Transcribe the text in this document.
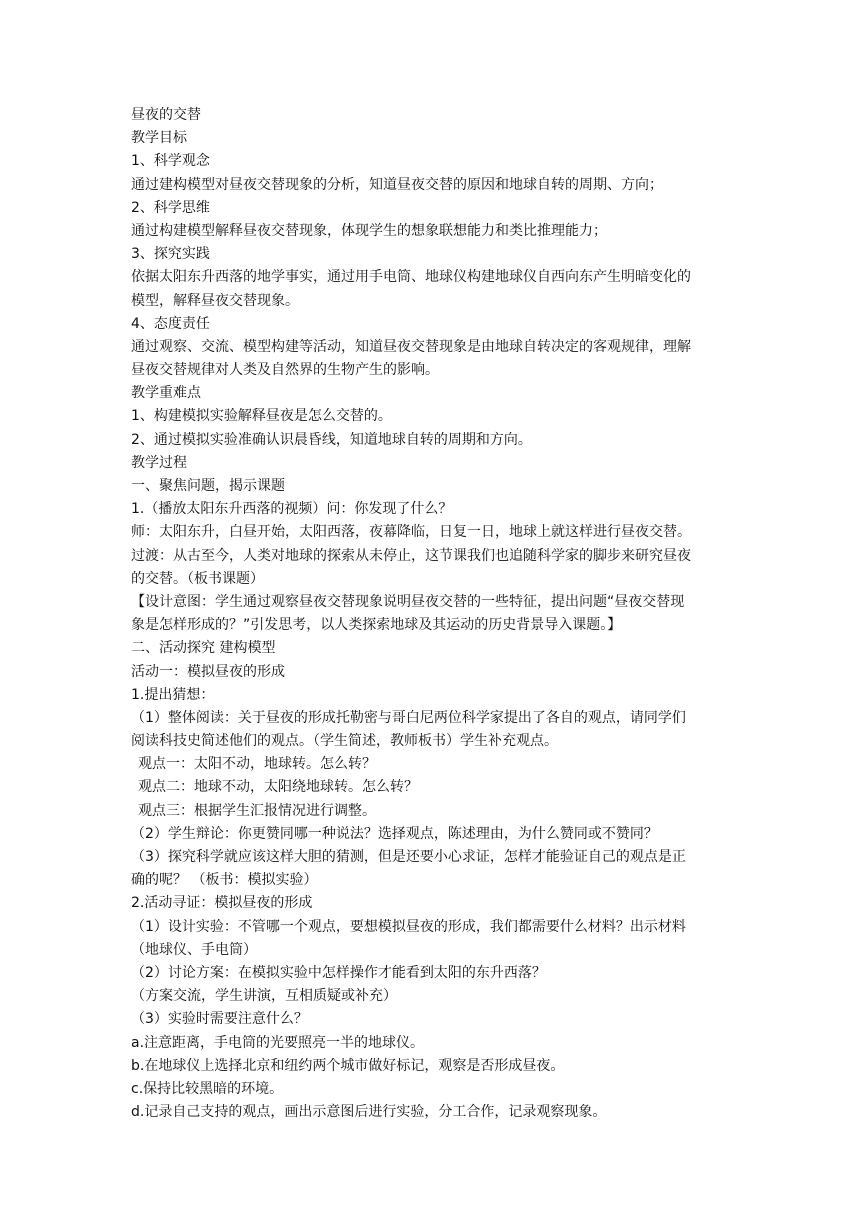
昼夜的交替
教学目标
1、科学观念
通过建构模型对昼夜交替现象的分析，知道昼夜交替的原因和地球自转的周期、方向；
2、科学思维
通过构建模型解释昼夜交替现象，体现学生的想象联想能力和类比推理能力；
3、探究实践
依据太阳东升西落的地学事实，通过用手电筒、地球仪构建地球仪自西向东产生明暗变化的
模型，解释昼夜交替现象。
4、态度责任
通过观察、交流、模型构建等活动，知道昼夜交替现象是由地球自转决定的客观规律，理解
昼夜交替规律对人类及自然界的生物产生的影响。
教学重难点
1、构建模拟实验解释昼夜是怎么交替的。
2、通过模拟实验准确认识晨昏线，知道地球自转的周期和方向。
教学过程
一、聚焦问题，揭示课题
1.（播放太阳东升西落的视频）问：你发现了什么？
师：太阳东升，白昼开始，太阳西落，夜幕降临，日复一日，地球上就这样进行昼夜交替。
过渡：从古至今，人类对地球的探索从未停止，这节课我们也追随科学家的脚步来研究昼夜
的交替。（板书课题）
【设计意图：学生通过观察昼夜交替现象说明昼夜交替的一些特征，提出问题“昼夜交替现
象是怎样形成的？”引发思考，以人类探索地球及其运动的历史背景导入课题。】
二、活动探究 建构模型
活动一：模拟昼夜的形成
1.提出猜想：
（1）整体阅读：关于昼夜的形成托勒密与哥白尼两位科学家提出了各自的观点，请同学们
阅读科技史简述他们的观点。（学生简述，教师板书）学生补充观点。
观点一：太阳不动，地球转。怎么转？
观点二：地球不动，太阳绕地球转。怎么转？
观点三：根据学生汇报情况进行调整。
（2）学生辩论：你更赞同哪一种说法？选择观点，陈述理由，为什么赞同或不赞同？
（3）探究科学就应该这样大胆的猜测，但是还要小心求证，怎样才能验证自己的观点是正
确的呢？ （板书：模拟实验）
2.活动寻证：模拟昼夜的形成
（1）设计实验：不管哪一个观点，要想模拟昼夜的形成，我们都需要什么材料？出示材料
（地球仪、手电筒）
（2）讨论方案：在模拟实验中怎样操作才能看到太阳的东升西落？
（方案交流，学生讲演，互相质疑或补充）
（3）实验时需要注意什么？
a.注意距离，手电筒的光要照亮一半的地球仪。
b.在地球仪上选择北京和纽约两个城市做好标记，观察是否形成昼夜。
c.保持比较黑暗的环境。
d.记录自己支持的观点，画出示意图后进行实验，分工合作，记录观察现象。
